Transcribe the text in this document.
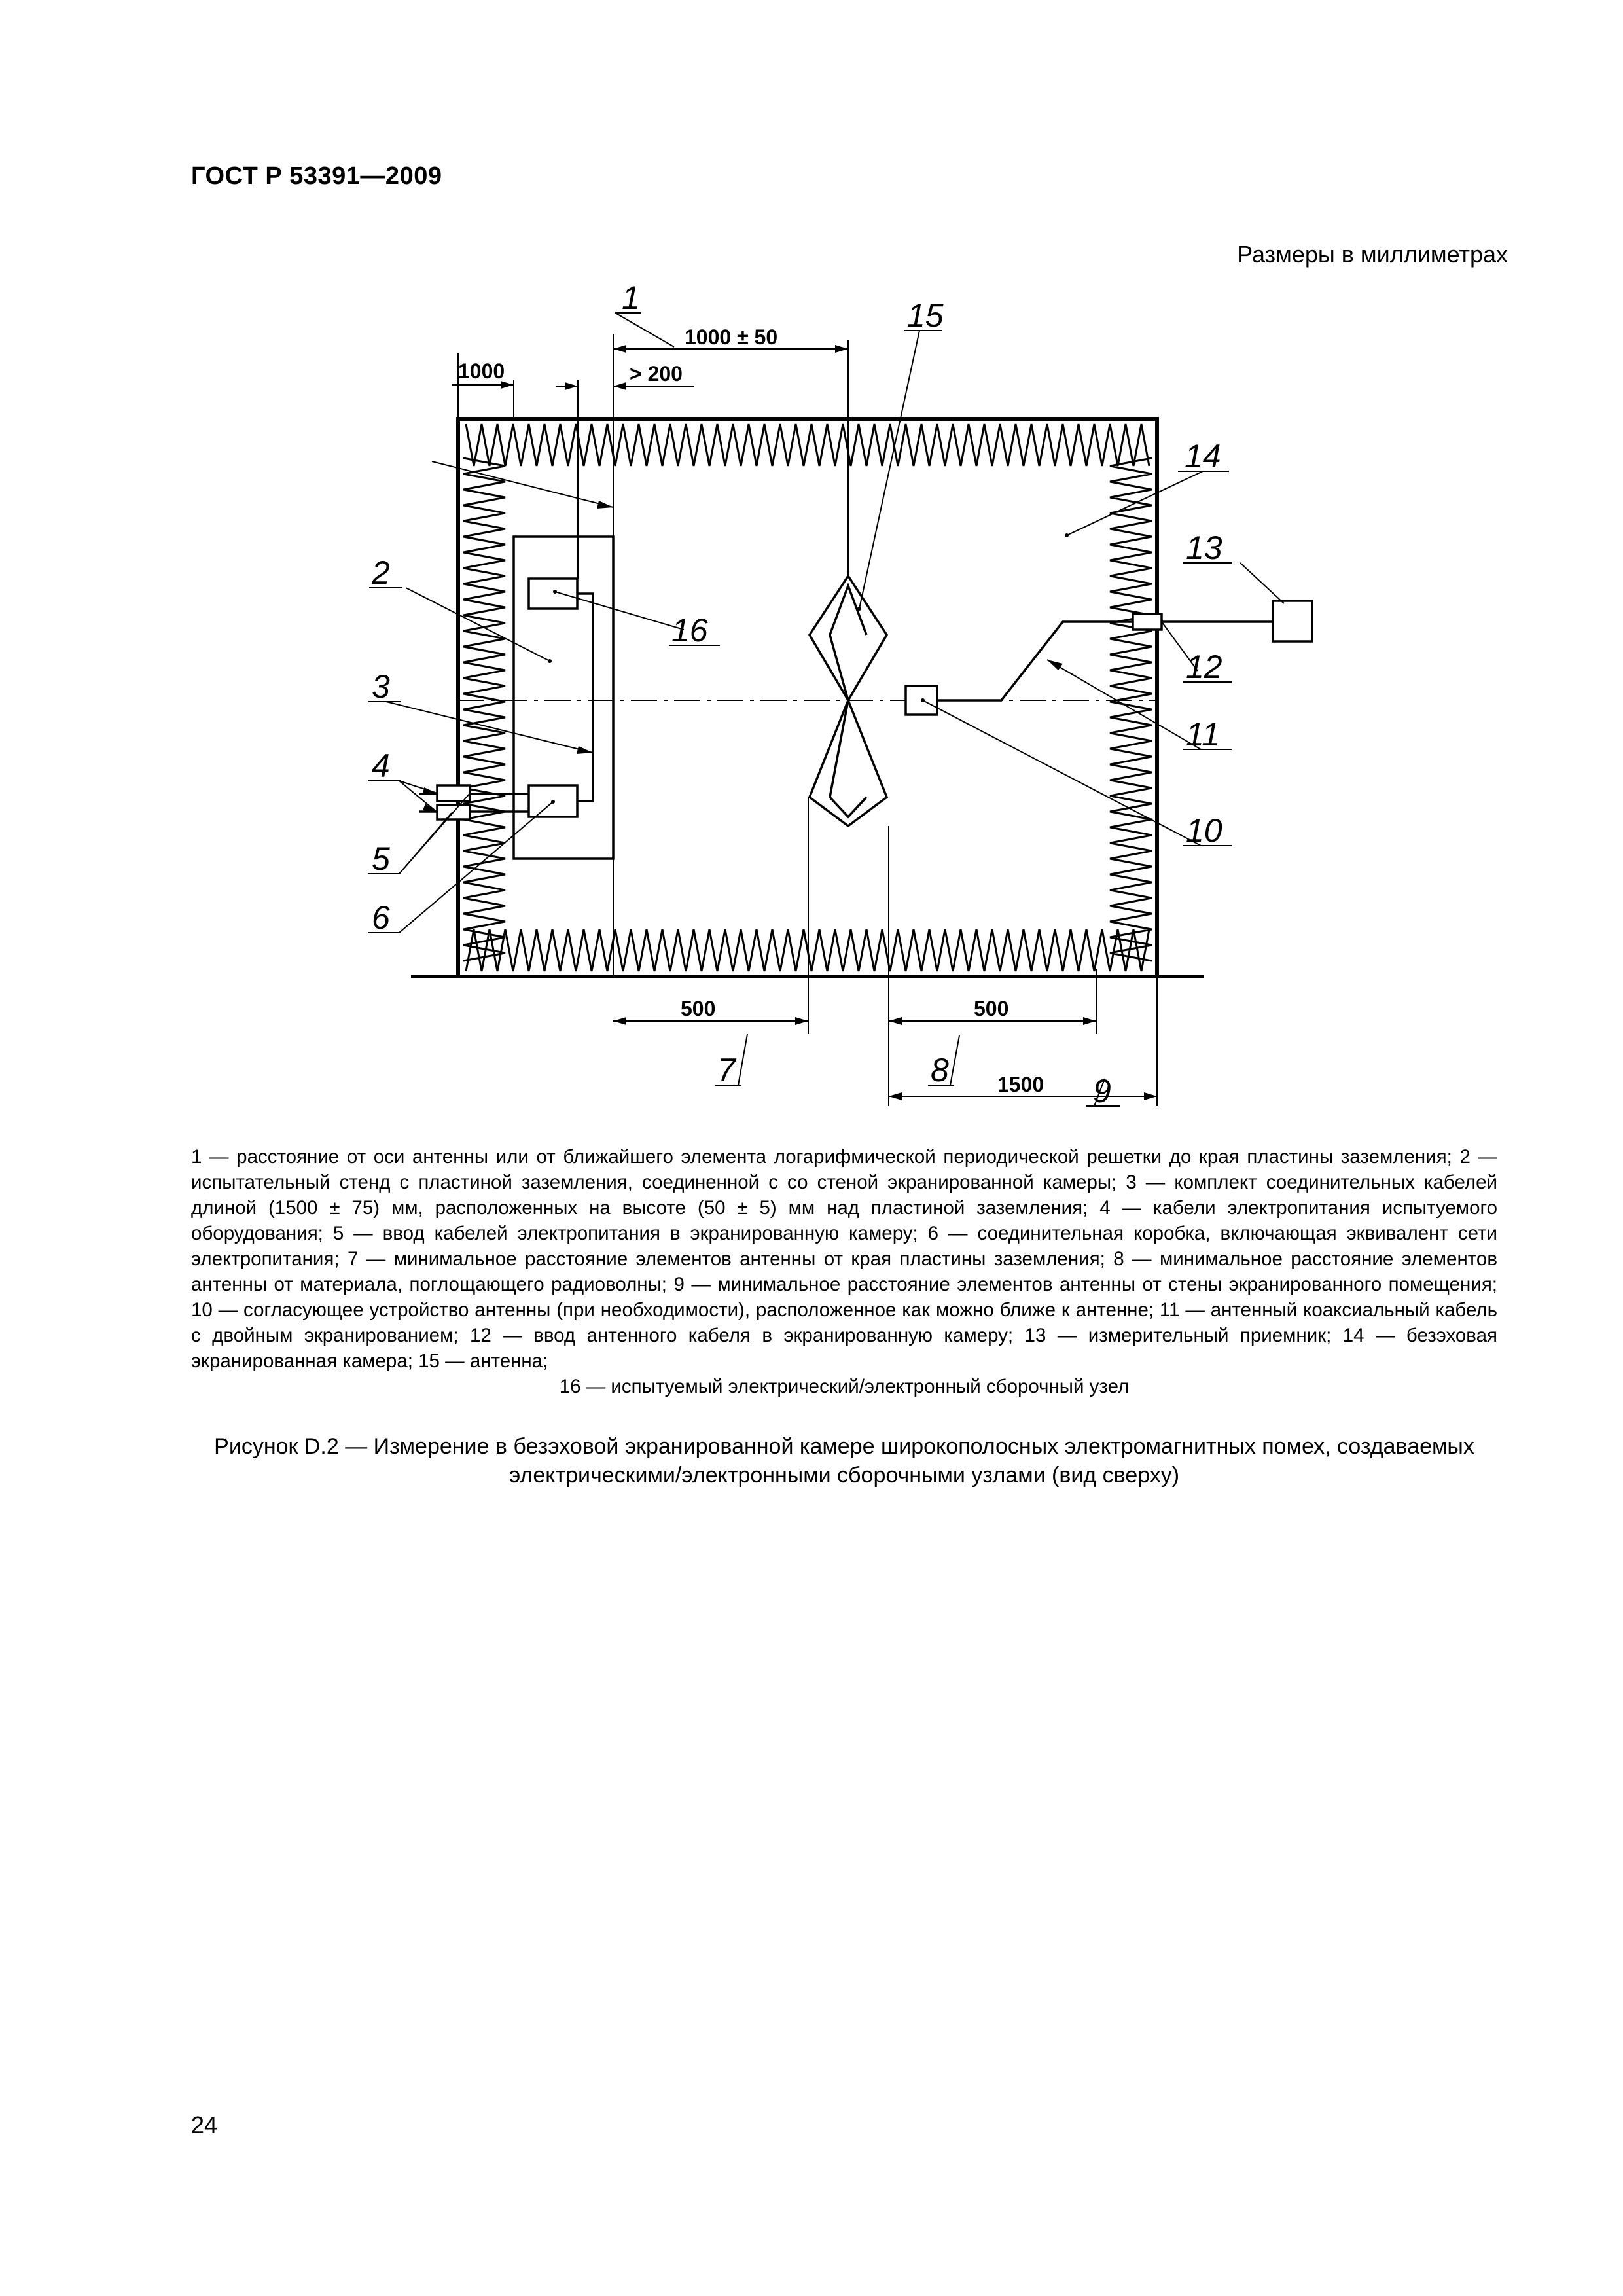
ГОСТ Р 53391—2009
Размеры в миллиметрах
1000
1000 ± 50
> 200
500	500
1500
1
2
3
4
5
6
7	8
9
10
11
12
13
14
15
16

1 — расстояние от оси антенны или от ближайшего элемента логарифмической периодической решетки до края пластины заземления; 2 — испытательный стенд с пластиной заземления, соединенной с со стеной экранированной камеры; 3 — комплект соединительных кабелей длиной (1500 ± 75) мм, расположенных на высоте (50 ± 5) мм над пластиной заземления; 4 — кабели электропитания испытуемого оборудования; 5 — ввод кабелей электропитания в экранированную камеру; 6 — соединительная коробка, включающая эквивалент сети электропитания; 7 — минимальное расстояние элементов антенны от края пластины заземления; 8 — минимальное расстояние элементов антенны от материала, поглощающего радиоволны; 9 — минимальное расстояние элементов антенны от стены экранированного помещения; 10 — согласующее устройство антенны (при необходимости), расположенное как можно ближе к антенне; 11 — антенный коаксиальный кабель с двойным экранированием; 12 — ввод антенного кабеля в экранированную камеру; 13 — измерительный приемник; 14 — безэховая экранированная камера; 15 — антенна;

16 — испытуемый электрический/электронный сборочный узел

Рисунок D.2 — Измерение в безэховой экранированной камере широкополосных электромагнитных помех, создаваемых электрическими/электронными сборочными узлами (вид сверху)
24
